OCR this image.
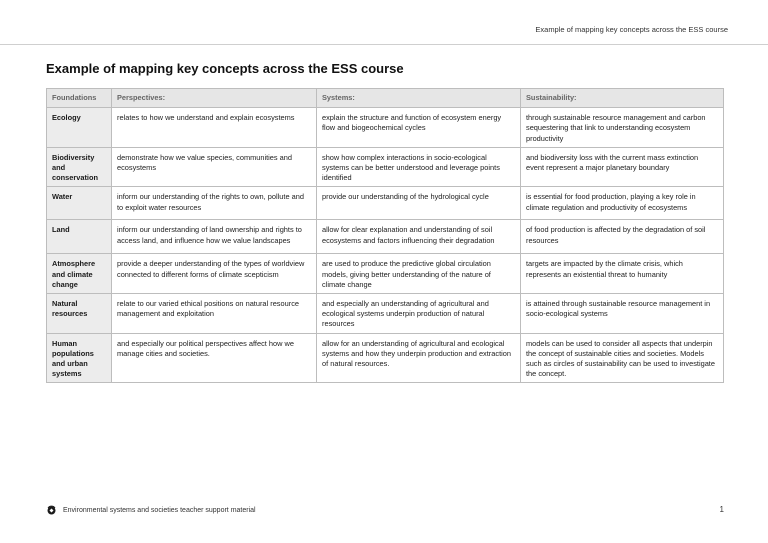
Example of mapping key concepts across the ESS course
Example of mapping key concepts across the ESS course
Foundations	Perspectives:	Systems:	Sustainability:
Ecology	relates to how we understand and explain ecosystems	explain the structure and function of ecosystem energy flow and biogeochemical cycles	through sustainable resource management and carbon sequestering that link to understanding ecosystem productivity
Biodiversity and conservation	demonstrate how we value species, communities and ecosystems	show how complex interactions in socio-ecological systems can be better understood and leverage points identified	and biodiversity loss with the current mass extinction event represent a major planetary boundary
Water	inform our understanding of the rights to own, pollute and to exploit water resources	provide our understanding of the hydrological cycle	is essential for food production, playing a key role in climate regulation and productivity of ecosystems
Land	inform our understanding of land ownership and rights to access land, and influence how we value landscapes	allow for clear explanation and understanding of soil ecosystems and factors influencing their degradation	of food production is affected by the degradation of soil resources
Atmosphere and climate change	provide a deeper understanding of the types of worldview connected to different forms of climate scepticism	are used to produce the predictive global circulation models, giving better understanding of the nature of climate change	targets are impacted by the climate crisis, which represents an existential threat to humanity
Natural resources	relate to our varied ethical positions on natural resource management and exploitation	and especially an understanding of agricultural and ecological systems underpin production of natural resources	is attained through sustainable resource management in socio-ecological systems
Human populations and urban systems	and especially our political perspectives affect how we manage cities and societies.	allow for an understanding of agricultural and ecological systems and how they underpin production and extraction of natural resources.	models can be used to consider all aspects that underpin the concept of sustainable cities and societies. Models such as circles of sustainability can be used to investigate the concept.
Environmental systems and societies teacher support material	1
